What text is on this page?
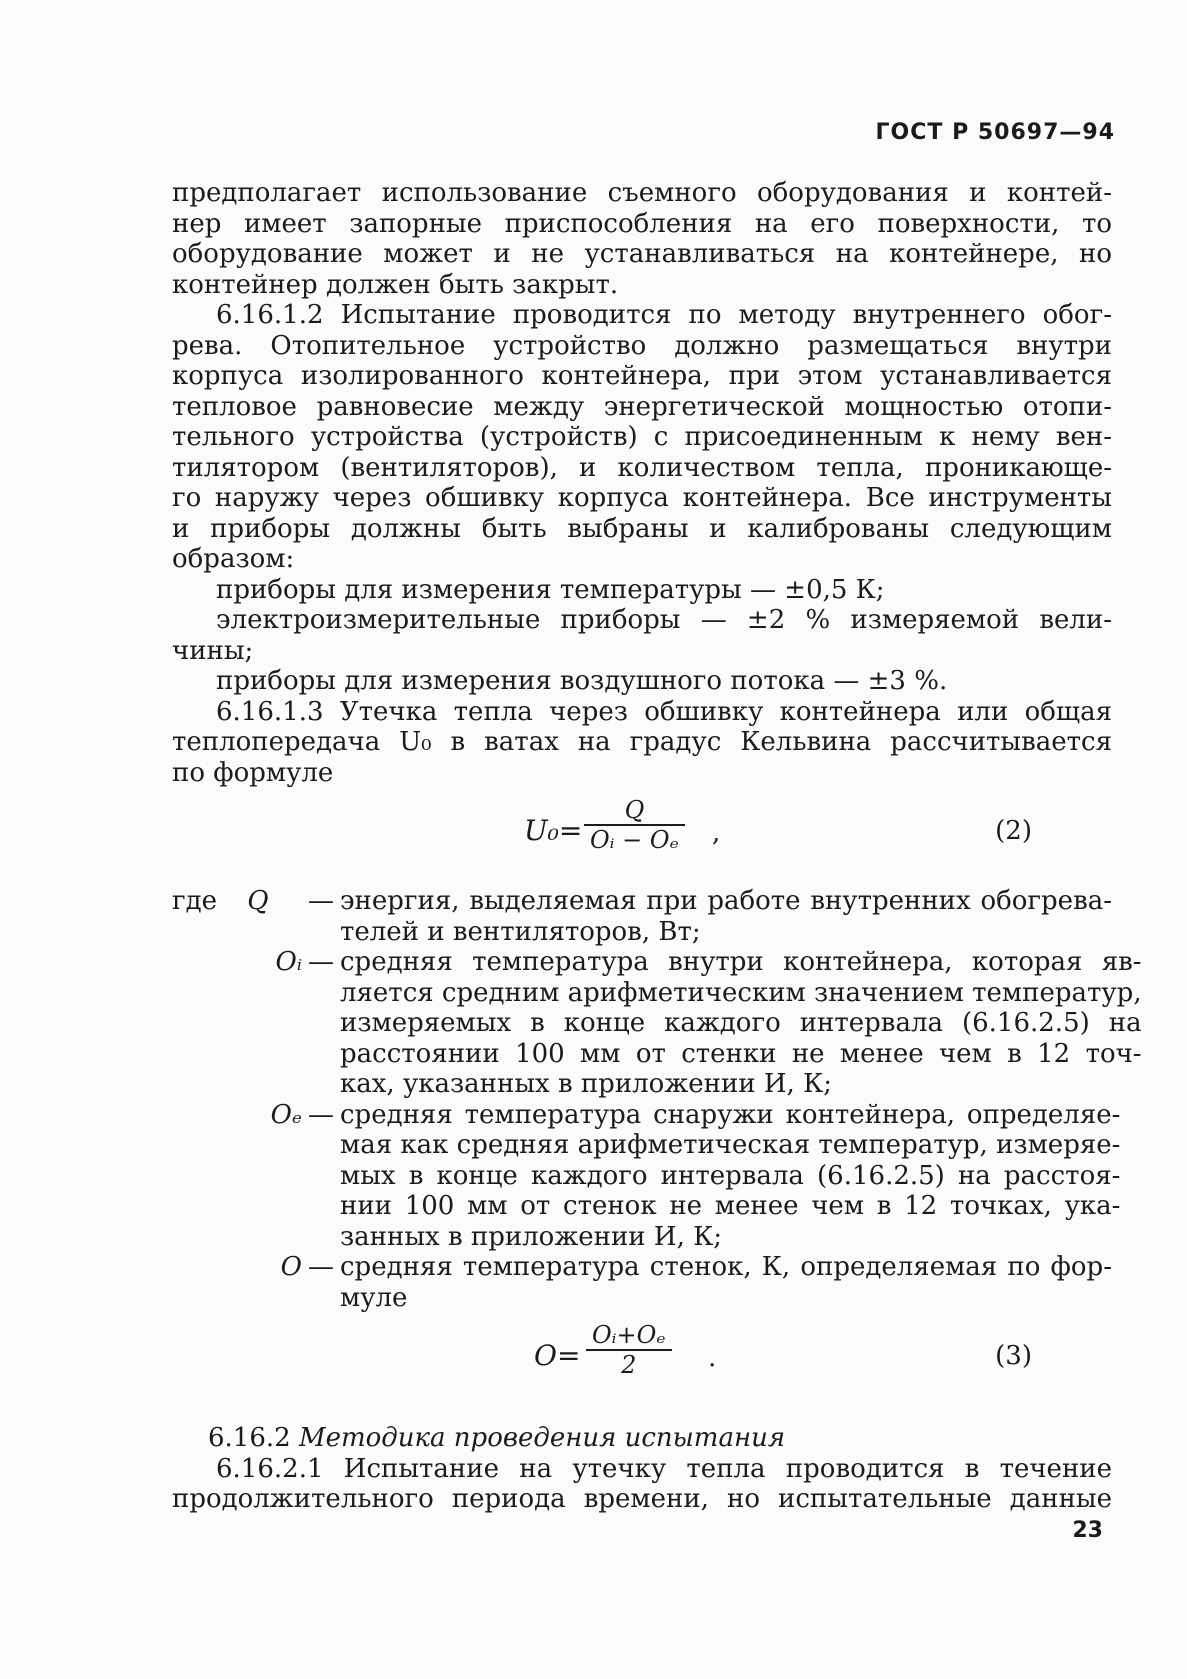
ГОСТ Р 50697—94
предполагает использование съемного оборудования и контей-
нер имеет запорные приспособления на его поверхности, то
оборудование может и не устанавливаться на контейнере, но
контейнер должен быть закрыт.
6.16.1.2 Испытание проводится по методу внутреннего обог-
рева. Отопительное устройство должно размещаться внутри
корпуса изолированного контейнера, при этом устанавливается
тепловое равновесие между энергетической мощностью отопи-
тельного устройства (устройств) с присоединенным к нему вен-
тилятором (вентиляторов), и количеством тепла, проникающе-
го наружу через обшивку корпуса контейнера. Все инструменты
и приборы должны быть выбраны и калиброваны следующим
образом:
приборы для измерения температуры — ±0,5 К;
электроизмерительные приборы — ±2 % измеряемой вели-
чины;
приборы для измерения воздушного потока — ±3 %.
6.16.1.3 Утечка тепла через обшивку контейнера или общая
теплопередача U₀ в ватах на градус Кельвина рассчитывается
по формуле
U₀=
Q
Oᵢ − Oₑ ,	(2)
где Q	— энергия, выделяемая при работе внутренних обогрева-
телей и вентиляторов, Вт;
Oᵢ — средняя температура внутри контейнера, которая яв-
ляется средним арифметическим значением температур,
измеряемых в конце каждого интервала (6.16.2.5) на
расстоянии 100 мм от стенки не менее чем в 12 точ-
ках, указанных в приложении И, К;
Oₑ — средняя температура снаружи контейнера, определяе-
мая как средняя арифметическая температур, измеряе-
мых в конце каждого интервала (6.16.2.5) на расстоя-
нии 100 мм от стенок не менее чем в 12 точках, ука-
занных в приложении И, К;
O — средняя температура стенок, К, определяемая по фор-
муле
O=
Oᵢ+Oₑ
2	.	(3)
6.16.2 Методика проведения испытания
6.16.2.1 Испытание на утечку тепла проводится в течение
продолжительного периода времени, но испытательные данные
23
